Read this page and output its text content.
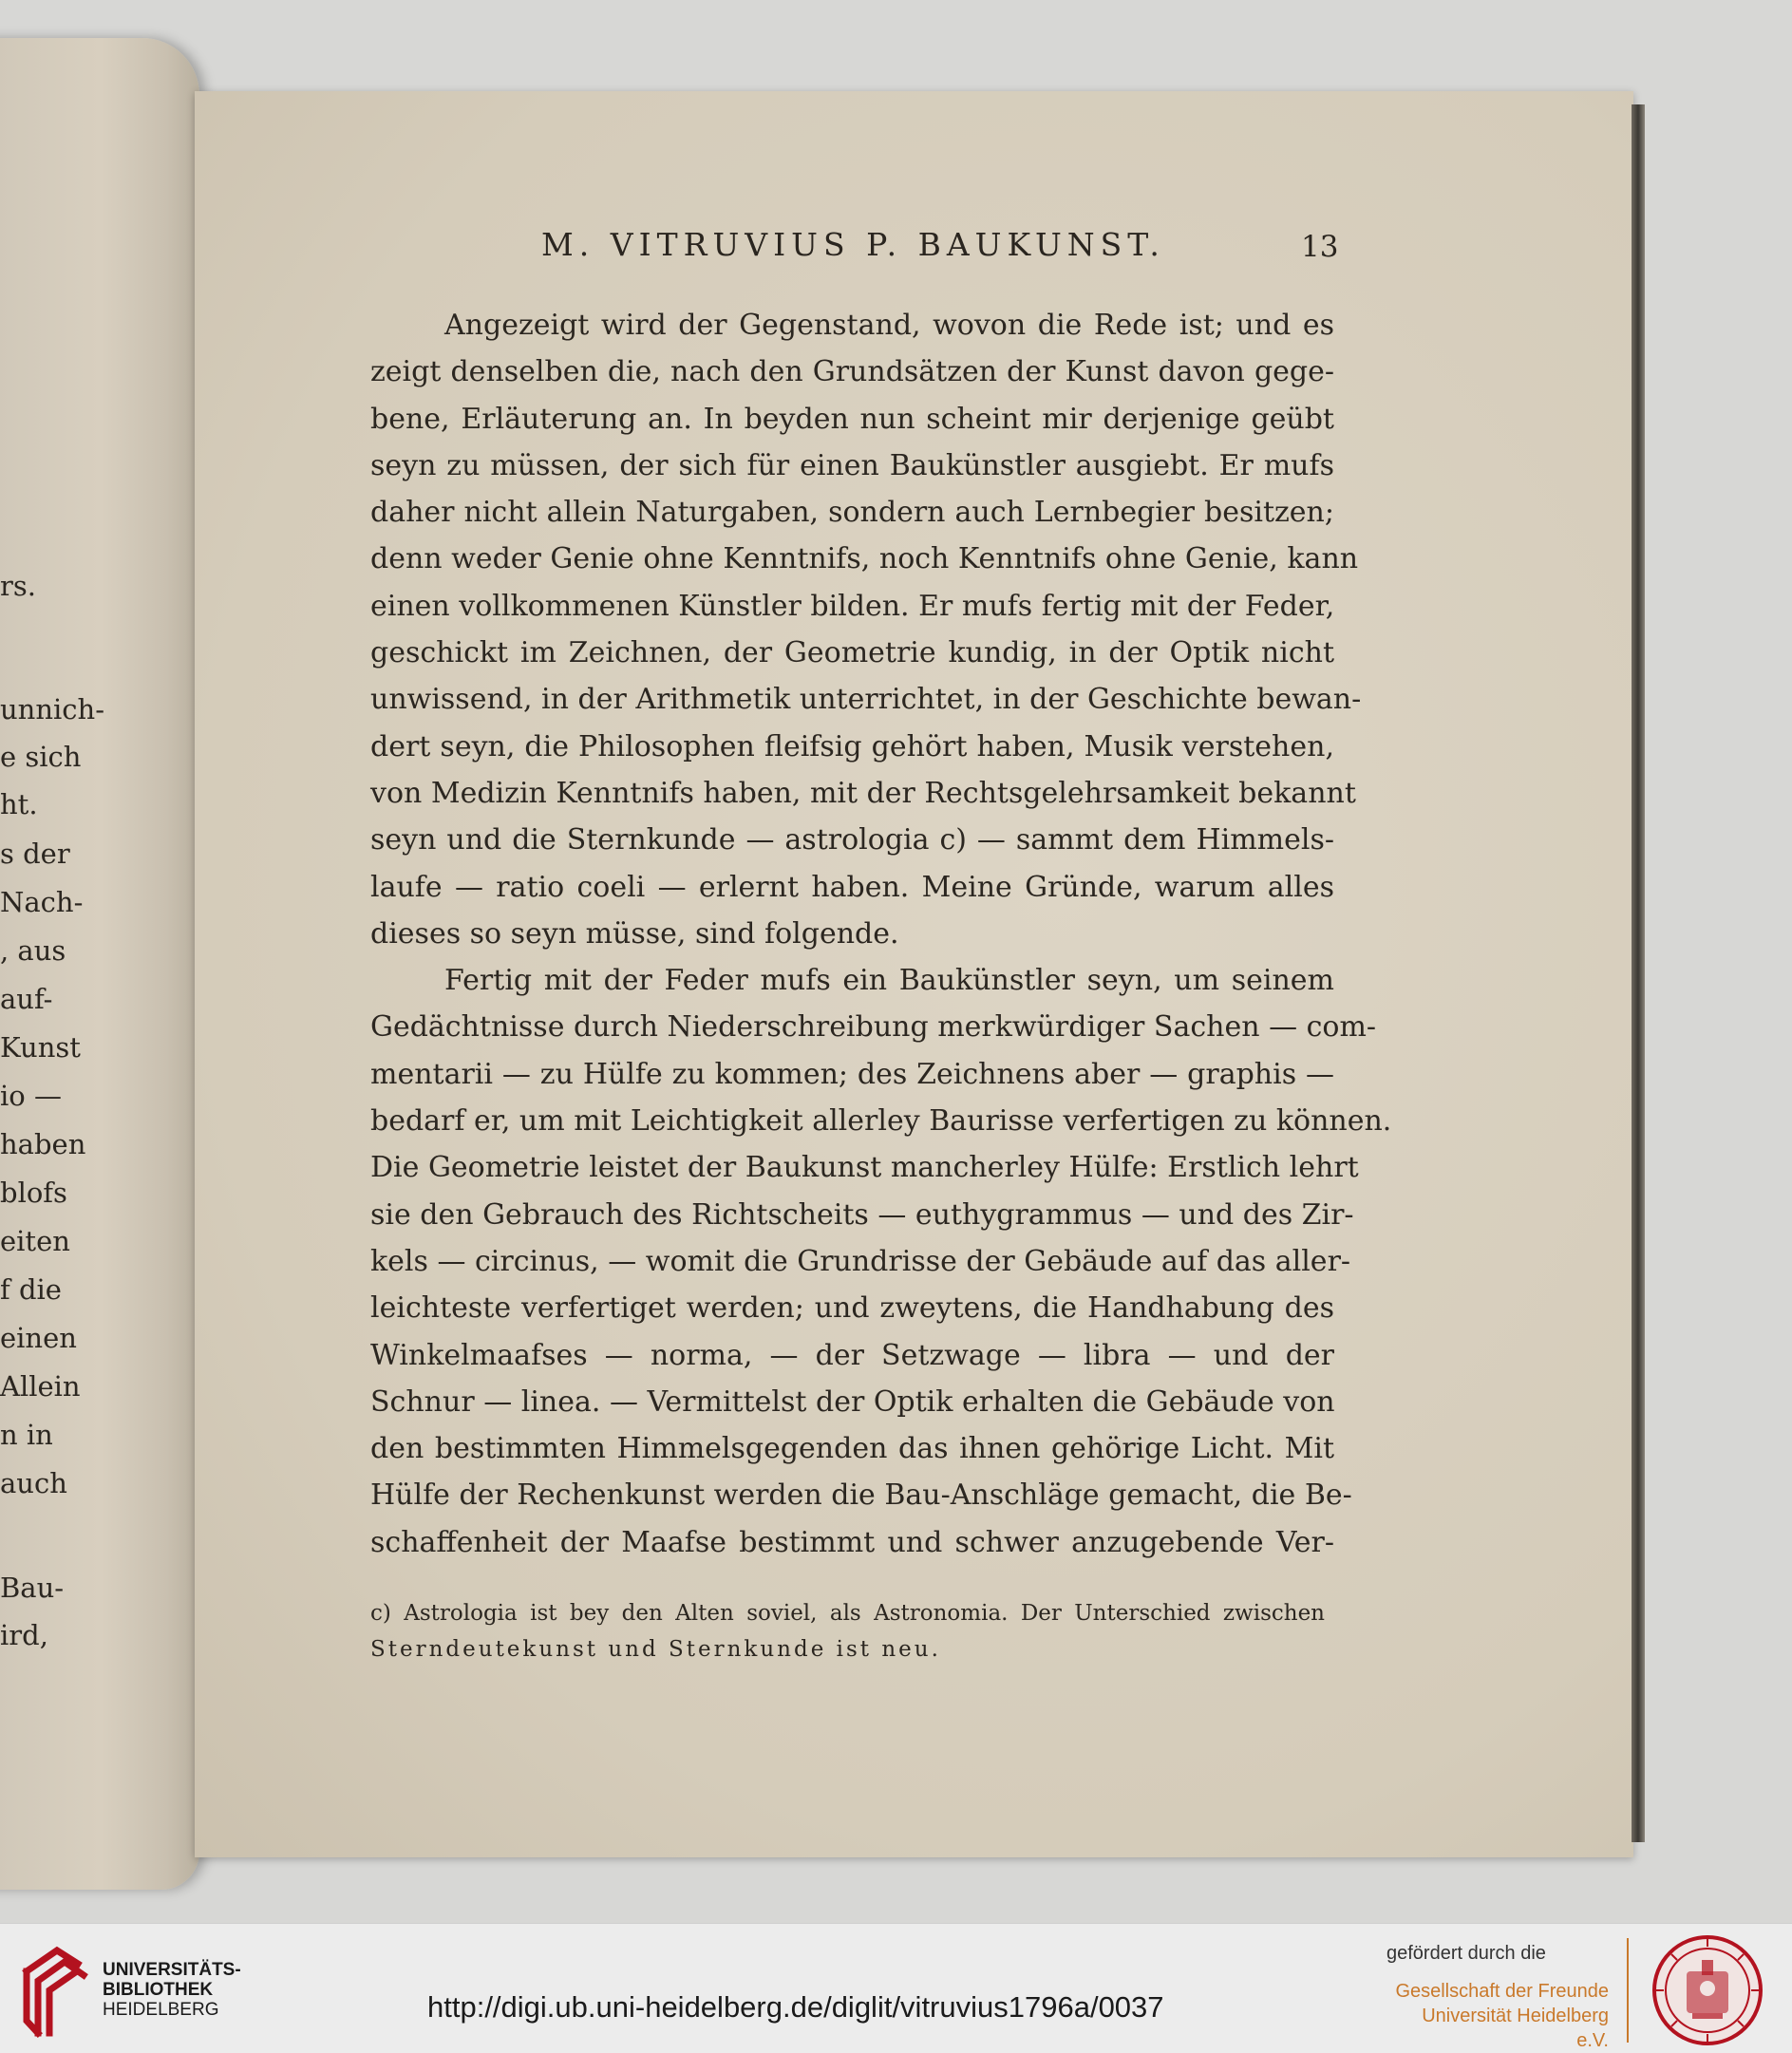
rs.
unnich-
e sich
ht.
s der
Nach-
, aus
auf-
Kunst
io —
haben
blofs
eiten
f die
einen
Allein
n in
auch
Bau-
ird,
M. VITRUVIUS P. BAUKUNST.	13
Angezeigt wird der Gegenstand, wovon die Rede ist; und es
zeigt denselben die, nach den Grundsätzen der Kunst davon gege-
bene, Erläuterung an. In beyden nun scheint mir derjenige geübt
seyn zu müssen, der sich für einen Baukünstler ausgiebt. Er mufs
daher nicht allein Naturgaben, sondern auch Lernbegier besitzen;
denn weder Genie ohne Kenntnifs, noch Kenntnifs ohne Genie, kann
einen vollkommenen Künstler bilden. Er mufs fertig mit der Feder,
geschickt im Zeichnen, der Geometrie kundig, in der Optik nicht
unwissend, in der Arithmetik unterrichtet, in der Geschichte bewan-
dert seyn, die Philosophen fleifsig gehört haben, Musik verstehen,
von Medizin Kenntnifs haben, mit der Rechtsgelehrsamkeit bekannt
seyn und die Sternkunde — astrologia c) — sammt dem Himmels-
laufe — ratio coeli — erlernt haben. Meine Gründe, warum alles
dieses so seyn müsse, sind folgende.
Fertig mit der Feder mufs ein Baukünstler seyn, um seinem
Gedächtnisse durch Niederschreibung merkwürdiger Sachen — com-
mentarii — zu Hülfe zu kommen; des Zeichnens aber — graphis —
bedarf er, um mit Leichtigkeit allerley Baurisse verfertigen zu können.
Die Geometrie leistet der Baukunst mancherley Hülfe: Erstlich lehrt
sie den Gebrauch des Richtscheits — euthygrammus — und des Zir-
kels — circinus, — womit die Grundrisse der Gebäude auf das aller-
leichteste verfertiget werden; und zweytens, die Handhabung des
Winkelmaafses — norma, — der Setzwage — libra — und der
Schnur — linea. — Vermittelst der Optik erhalten die Gebäude von
den bestimmten Himmelsgegenden das ihnen gehörige Licht. Mit
Hülfe der Rechenkunst werden die Bau-Anschläge gemacht, die Be-
schaffenheit der Maafse bestimmt und schwer anzugebende Ver-
c) Astrologia ist bey den Alten soviel, als Astronomia. Der Unterschied zwischen
Sterndeutekunst und Sternkunde ist neu.
UNIVERSITÄTS-
BIBLIOTHEK
HEIDELBERG	http://digi.ub.uni-heidelberg.de/diglit/vitruvius1796a/0037
gefördert durch die
Gesellschaft der Freunde
Universität Heidelberg e.V.
